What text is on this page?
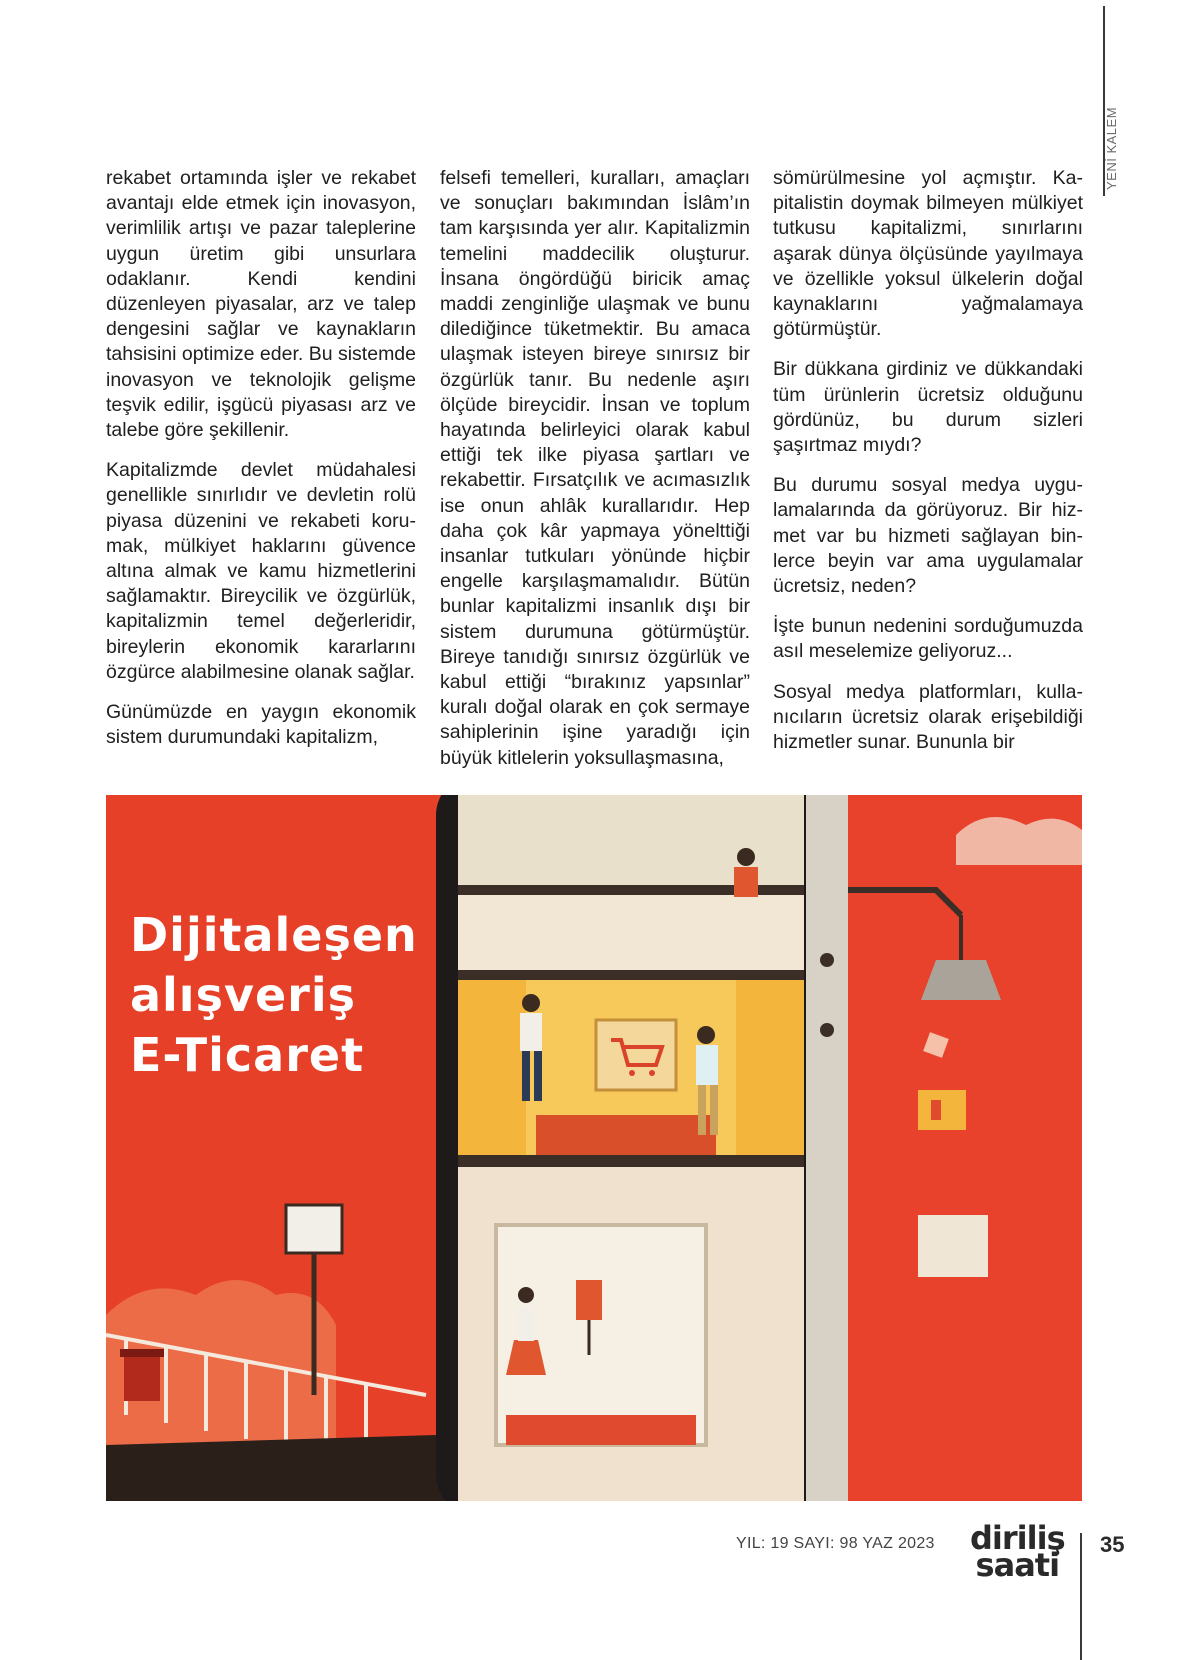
YENİ KALEM

rekabet ortamında işler ve rekabet avantajı elde etmek için inovasyon, verimlilik artışı ve pazar taleplerine uygun üretim gibi unsurlara odaklanır. Kendi kendini düzenleyen piyasalar, arz ve talep dengesini sağlar ve kaynakların tahsisini optimize eder. Bu sistemde inovasyon ve teknolojik gelişme teşvik edilir, işgücü piyasası arz ve talebe göre şekillenir.

Kapitalizmde devlet müdahalesi genellikle sınırlıdır ve devletin rolü piyasa düzenini ve rekabeti korumak, mülkiyet haklarını güvence altına almak ve kamu hizmetlerini sağlamaktır. Bireycilik ve özgürlük, kapitalizmin temel değerleridir, bireylerin ekonomik kararlarını özgürce alabilmesine olanak sağlar.

Günümüzde en yaygın ekonomik sistem durumundaki kapitalizm,

felsefi temelleri, kuralları, amaçları ve sonuçları bakımından İslâm’ın tam karşısında yer alır. Kapitalizmin temelini maddecilik oluşturur. İnsana öngördüğü biricik amaç maddi zenginliğe ulaşmak ve bunu dilediğince tüketmektir. Bu amaca ulaşmak isteyen bireye sınırsız bir özgürlük tanır. Bu nedenle aşırı ölçüde bireycidir. İnsan ve toplum hayatında belirleyici olarak kabul ettiği tek ilke piyasa şartları ve rekabettir. Fırsatçılık ve acımasızlık ise onun ahlâk kurallarıdır. Hep daha çok kâr yapmaya yönelttiği insanlar tutkuları yönünde hiçbir engelle karşılaşmamalıdır. Bütün bunlar kapitalizmi insanlık dışı bir sistem durumuna götürmüştür. Bireye tanıdığı sınırsız özgürlük ve kabul ettiği “bırakınız yapsınlar” kuralı doğal olarak en çok sermaye sahiplerinin işine yaradığı için büyük kitlelerin yoksullaşmasına,

sömürülmesine yol açmıştır. Kapitalistin doymak bilmeyen mülkiyet tutkusu kapitalizmi, sınırlarını aşarak dünya ölçüsünde yayılmaya ve özellikle yoksul ülkelerin doğal kaynaklarını yağmalamaya götürmüştür.

Bir dükkana girdiniz ve dükkandaki tüm ürünlerin ücretsiz olduğunu gördünüz, bu durum sizleri şaşırtmaz mıydı?

Bu durumu sosyal medya uygulamalarında da görüyoruz. Bir hizmet var bu hizmeti sağlayan binlerce beyin var ama uygulamalar ücretsiz, neden?

İşte bunun nedenini sorduğumuzda asıl meselemize geliyoruz...

Sosyal medya platformları, kullanıcıların ücretsiz olarak erişebildiği hizmetler sunar. Bununla bir

Dijitaleşen
alışveriş
E-Ticaret
YIL: 19 SAYI: 98 YAZ 2023 diriliş
saati
35
